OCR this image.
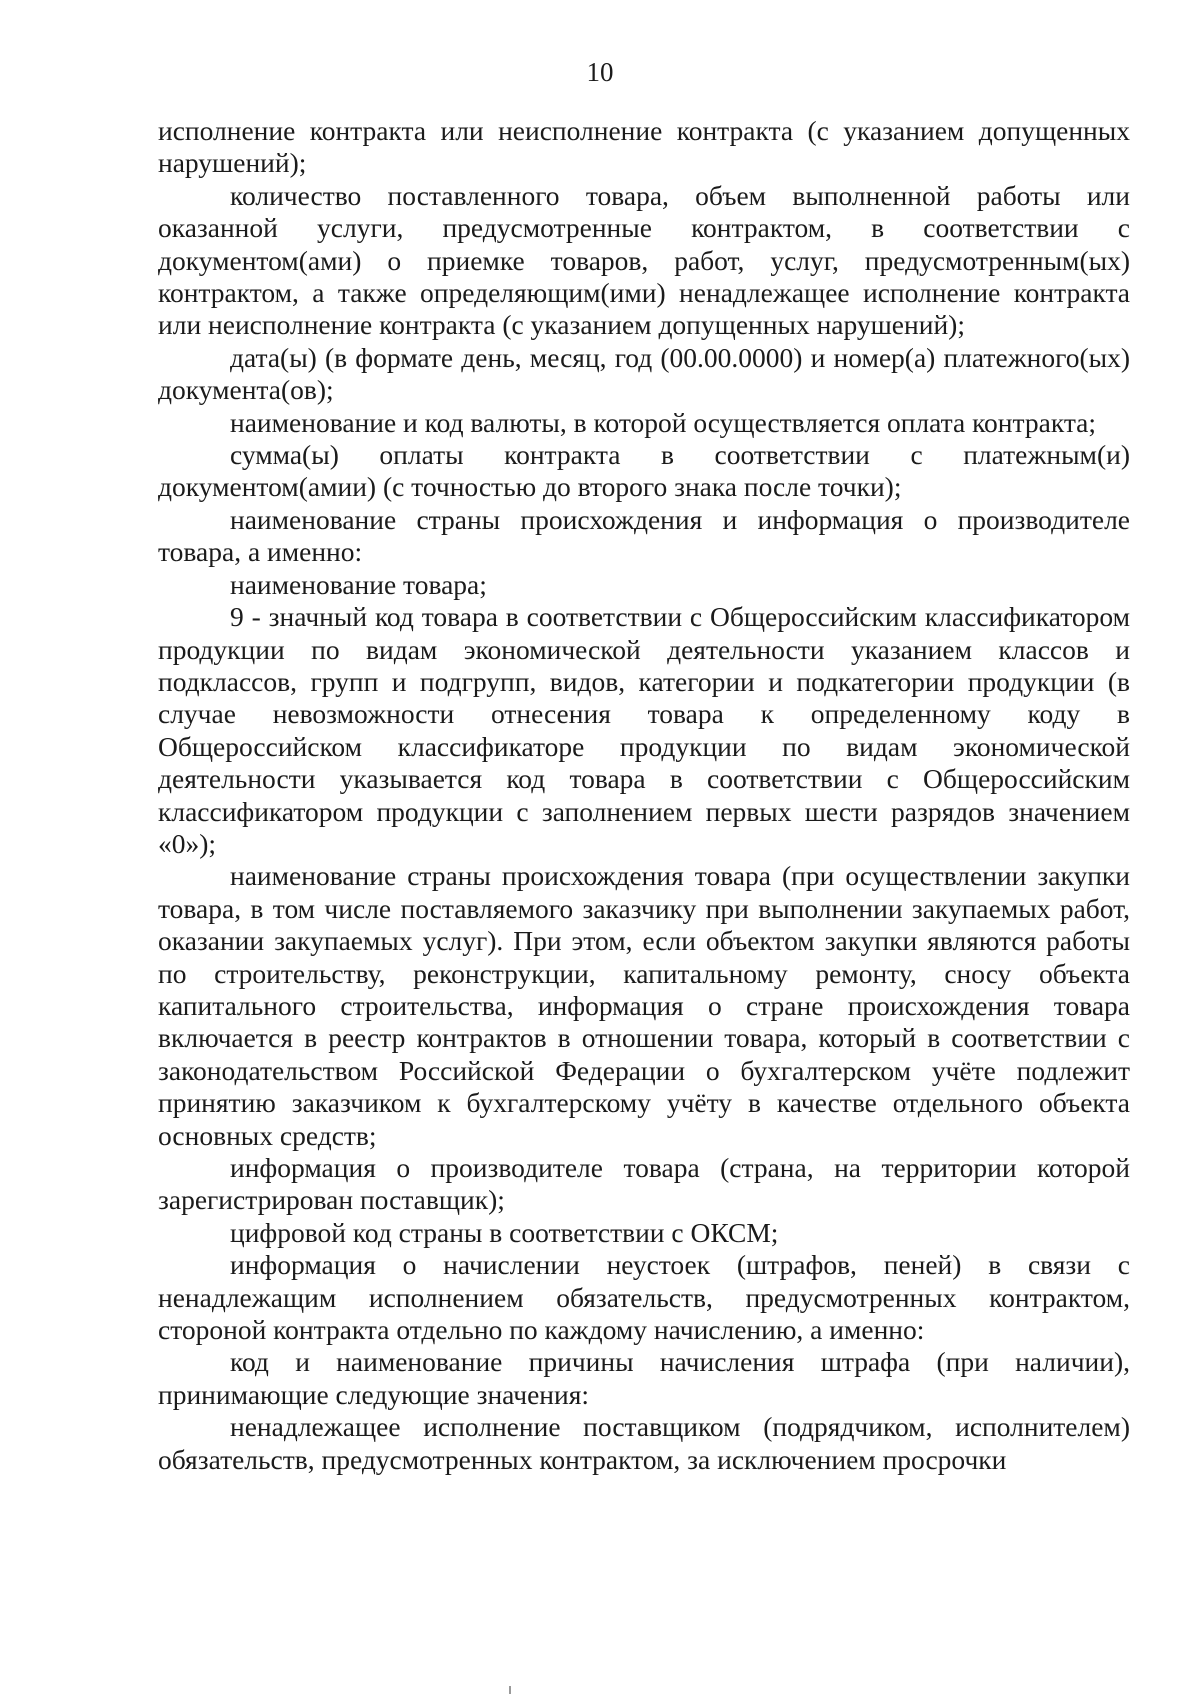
10

исполнение контракта или неисполнение контракта (с указанием допущенных нарушений);

количество поставленного товара, объем выполненной работы или оказанной услуги, предусмотренные контрактом, в соответствии с документом(ами) о приемке товаров, работ, услуг, предусмотренным(ых) контрактом, а также определяющим(ими) ненадлежащее исполнение контракта или неисполнение контракта (с указанием допущенных нарушений);

дата(ы) (в формате день, месяц, год (00.00.0000) и номер(а) платежного(ых) документа(ов);

наименование и код валюты, в которой осуществляется оплата контракта;

сумма(ы) оплаты контракта в соответствии с платежным(и) документом(амии) (с точностью до второго знака после точки);

наименование страны происхождения и информация о производителе товара, а именно:

наименование товара;

9 - значный код товара в соответствии с Общероссийским классификатором продукции по видам экономической деятельности указанием классов и подклассов, групп и подгрупп, видов, категории и подкатегории продукции (в случае невозможности отнесения товара к определенному коду в Общероссийском классификаторе продукции по видам экономической деятельности указывается код товара в соответствии с Общероссийским классификатором продукции с заполнением первых шести разрядов значением «0»);

наименование страны происхождения товара (при осуществлении закупки товара, в том числе поставляемого заказчику при выполнении закупаемых работ, оказании закупаемых услуг). При этом, если объектом закупки являются работы по строительству, реконструкции, капитальному ремонту, сносу объекта капитального строительства, информация о стране происхождения товара включается в реестр контрактов в отношении товара, который в соответствии с законодательством Российской Федерации о бухгалтерском учёте подлежит принятию заказчиком к бухгалтерскому учёту в качестве отдельного объекта основных средств;

информация о производителе товара (страна, на территории которой зарегистрирован поставщик);

цифровой код страны в соответствии с ОКСМ;

информация о начислении неустоек (штрафов, пеней) в связи с ненадлежащим исполнением обязательств, предусмотренных контрактом, стороной контракта отдельно по каждому начислению, а именно:

код и наименование причины начисления штрафа (при наличии), принимающие следующие значения:

ненадлежащее исполнение поставщиком (подрядчиком, исполнителем) обязательств, предусмотренных контрактом, за исключением просрочки
